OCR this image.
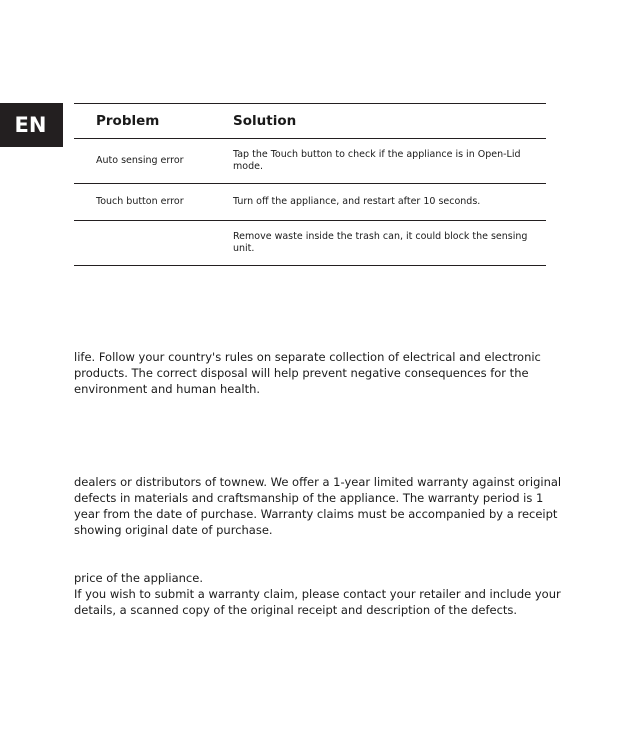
EN	Problem	Solution
Auto sensing error	Tap the Touch button to check if the appliance is in Open-Lid
mode.
Touch button error	Turn off the appliance, and restart after 10 seconds.
	Remove waste inside the trash can, it could block the sensing
unit.

life. Follow your country's rules on separate collection of electrical and electronic
products. The correct disposal will help prevent negative consequences for the
environment and human health.

dealers or distributors of townew. We offer a 1-year limited warranty against original
defects in materials and craftsmanship of the appliance. The warranty period is 1
year from the date of purchase. Warranty claims must be accompanied by a receipt
showing original date of purchase.

price of the appliance.
If you wish to submit a warranty claim, please contact your retailer and include your
details, a scanned copy of the original receipt and description of the defects.
